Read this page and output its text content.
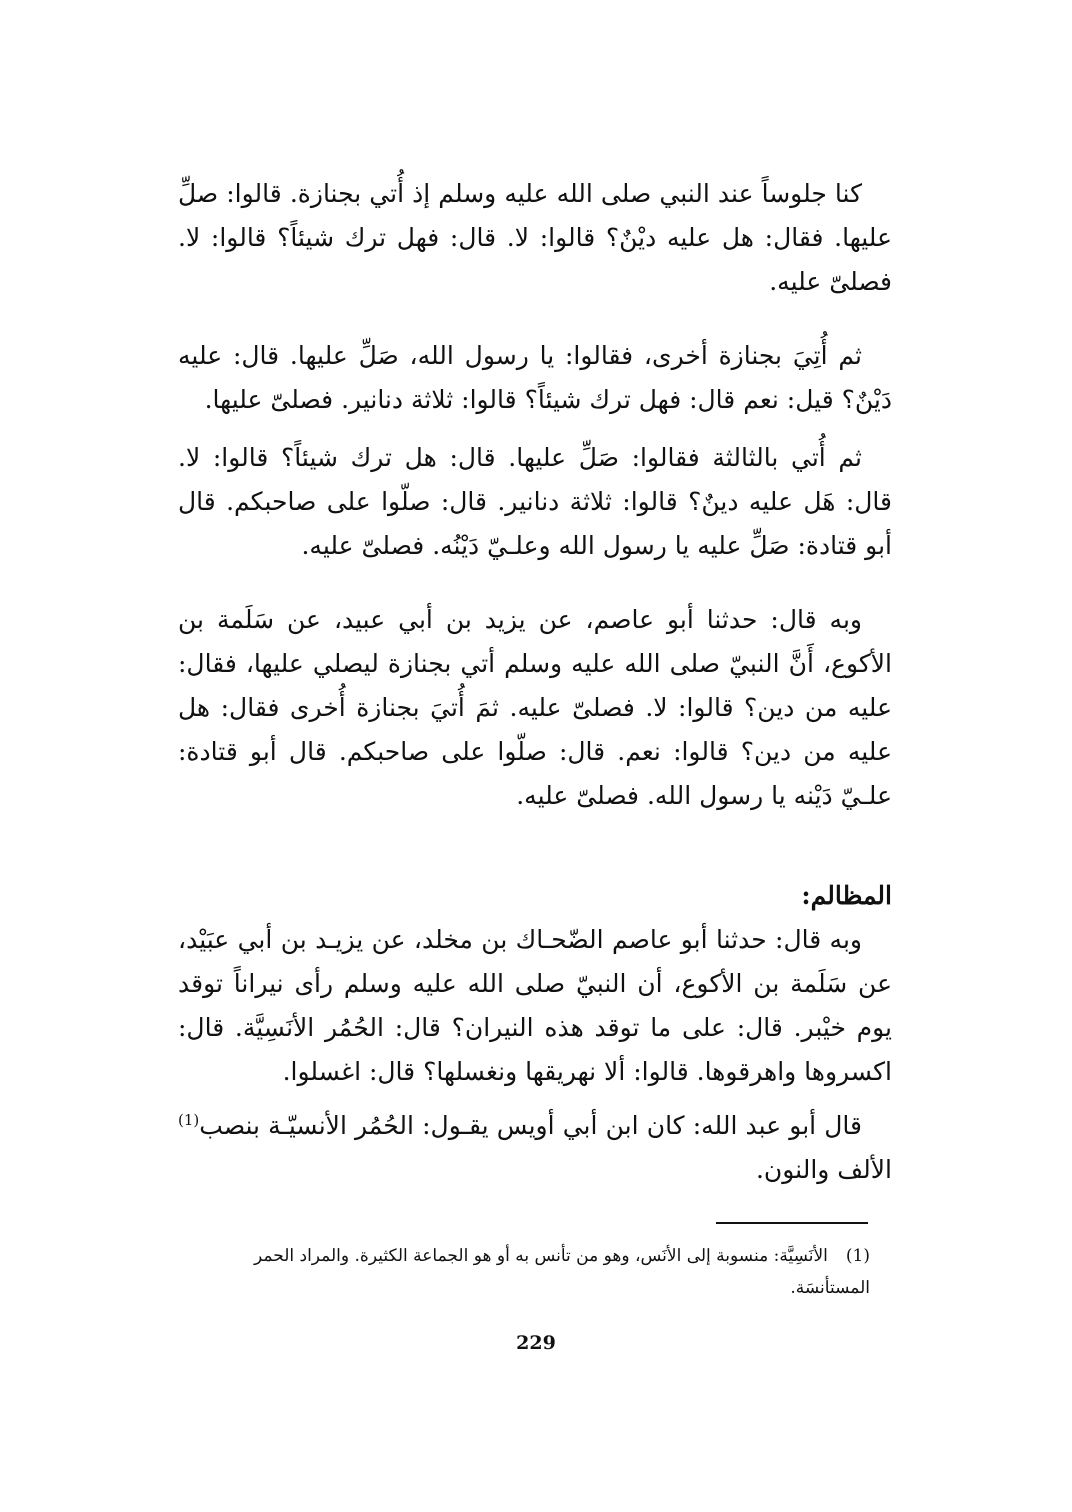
كنا جلوساً عند النبي صلى الله عليه وسلم إذ أُتي بجنازة. قالوا: صلِّ عليها. فقال: هل عليه ديْنٌ؟ قالوا: لا. قال: فهل ترك شيئاً؟ قالوا: لا. فصلىّ عليه.

ثم أُتِيَ بجنازة أخرى، فقالوا: يا رسول الله، صَلِّ عليها. قال: عليه دَيْنٌ؟ قيل: نعم قال: فهل ترك شيئاً؟ قالوا: ثلاثة دنانير. فصلىّ عليها.

ثم أُتي بالثالثة فقالوا: صَلِّ عليها. قال: هل ترك شيئاً؟ قالوا: لا. قال: هَل عليه دينٌ؟ قالوا: ثلاثة دنانير. قال: صلّوا على صاحبكم. قال أبو قتادة: صَلِّ عليه يا رسول الله وعلـيّ دَيْنُه. فصلىّ عليه.

وبه قال: حدثنا أبو عاصم، عن يزيد بن أبي عبيد، عن سَلَمة بن الأكوع، أَنَّ النبيّ صلى الله عليه وسلم أتي بجنازة ليصلي عليها، فقال: عليه من دين؟ قالوا: لا. فصلىّ عليه. ثمَ أُتيَ بجنازة أُخرى فقال: هل عليه من دين؟ قالوا: نعم. قال: صلّوا على صاحبكم. قال أبو قتادة: علـيّ دَيْنه يا رسول الله. فصلىّ عليه.

المظالم:

وبه قال: حدثنا أبو عاصم الضّحـاك بن مخلد، عن يزيـد بن أبي عبَيْد، عن سَلَمة بن الأكوع، أن النبيّ صلى الله عليه وسلم رأى نيراناً توقد يوم خيْبر. قال: على ما توقد هذه النيران؟ قال: الحُمُر الأنَسِيَّة. قال: اكسروها واهرقوها. قالوا: ألا نهريقها ونغسلها؟ قال: اغسلوا.

قال أبو عبد الله: كان ابن أبي أويس يقـول: الحُمُر الأنسيّـة بنصب$^{(1)}$ الألف والنون.

(1)الأنَسِيَّة: منسوبة إلى الأنَس، وهو من تأنس به أو هو الجماعة الكثيرة. والمراد الحمر المستأنسَة.
229
